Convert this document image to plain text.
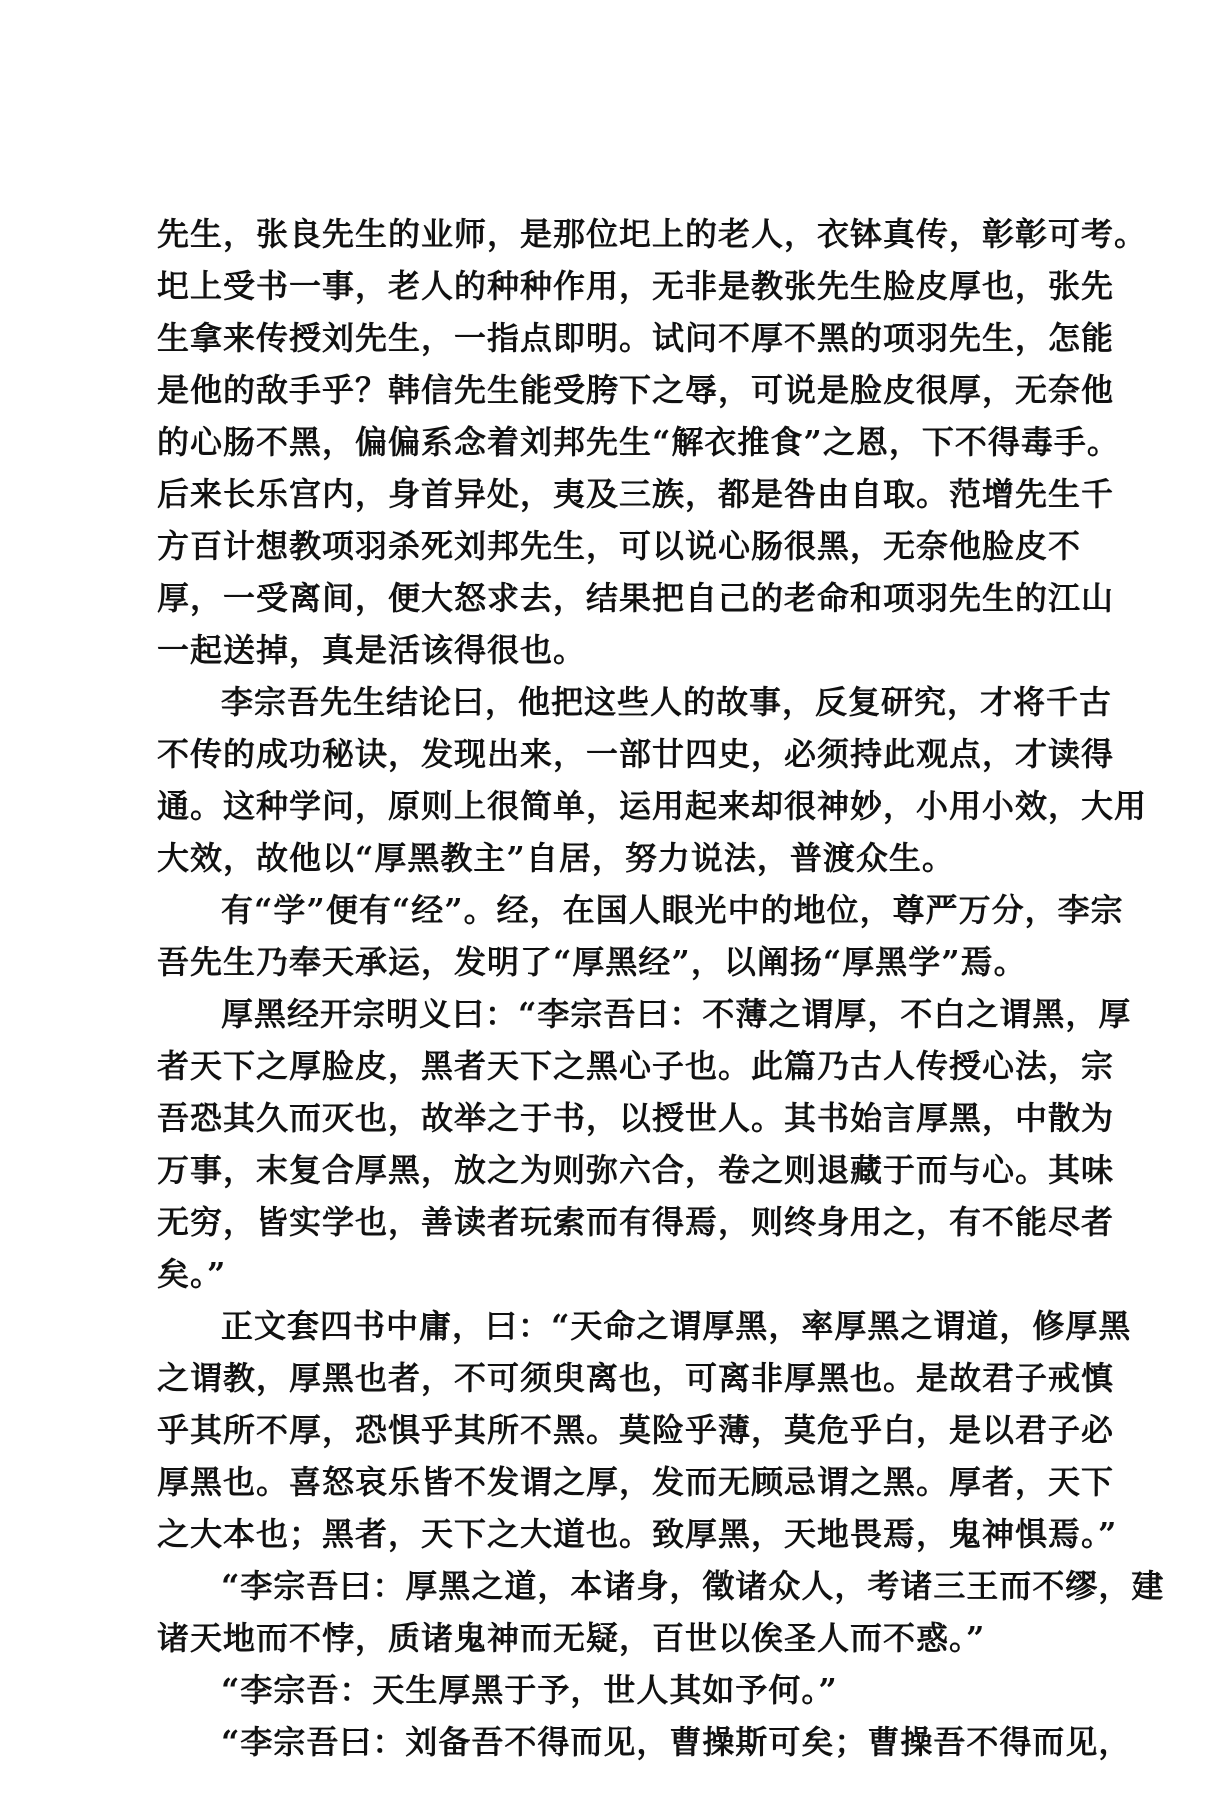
先生，张良先生的业师，是那位圯上的老人，衣钵真传，彰彰可考。
圯上受书一事，老人的种种作用，无非是教张先生脸皮厚也，张先
生拿来传授刘先生，一指点即明。试问不厚不黑的项羽先生，怎能
是他的敌手乎？韩信先生能受胯下之辱，可说是脸皮很厚，无奈他
的心肠不黑，偏偏系念着刘邦先生“解衣推食”之恩，下不得毒手。
后来长乐宫内，身首异处，夷及三族，都是咎由自取。范增先生千
方百计想教项羽杀死刘邦先生，可以说心肠很黑，无奈他脸皮不
厚，一受离间，便大怒求去，结果把自己的老命和项羽先生的江山
一起送掉，真是活该得很也。
李宗吾先生结论曰，他把这些人的故事，反复研究，才将千古
不传的成功秘诀，发现出来，一部廿四史，必须持此观点，才读得
通。这种学问，原则上很简单，运用起来却很神妙，小用小效，大用
大效，故他以“厚黑教主”自居，努力说法，普渡众生。
有“学”便有“经”。经，在国人眼光中的地位，尊严万分，李宗
吾先生乃奉天承运，发明了“厚黑经”，以阐扬“厚黑学”焉。
厚黑经开宗明义曰：“李宗吾曰：不薄之谓厚，不白之谓黑，厚
者天下之厚脸皮，黑者天下之黑心子也。此篇乃古人传授心法，宗
吾恐其久而灭也，故举之于书，以授世人。其书始言厚黑，中散为
万事，末复合厚黑，放之为则弥六合，卷之则退藏于而与心。其味
无穷，皆实学也，善读者玩索而有得焉，则终身用之，有不能尽者
矣。”
正文套四书中庸，曰：“天命之谓厚黑，率厚黑之谓道，修厚黑
之谓教，厚黑也者，不可须臾离也，可离非厚黑也。是故君子戒慎
乎其所不厚，恐惧乎其所不黑。莫险乎薄，莫危乎白，是以君子必
厚黑也。喜怒哀乐皆不发谓之厚，发而无顾忌谓之黑。厚者，天下
之大本也；黑者，天下之大道也。致厚黑，天地畏焉，鬼神惧焉。”
“李宗吾曰：厚黑之道，本诸身，徵诸众人，考诸三王而不缪，建
诸天地而不悖，质诸鬼神而无疑，百世以俟圣人而不惑。”
“李宗吾：天生厚黑于予，世人其如予何。”
“李宗吾曰：刘备吾不得而见，曹操斯可矣；曹操吾不得而见，
